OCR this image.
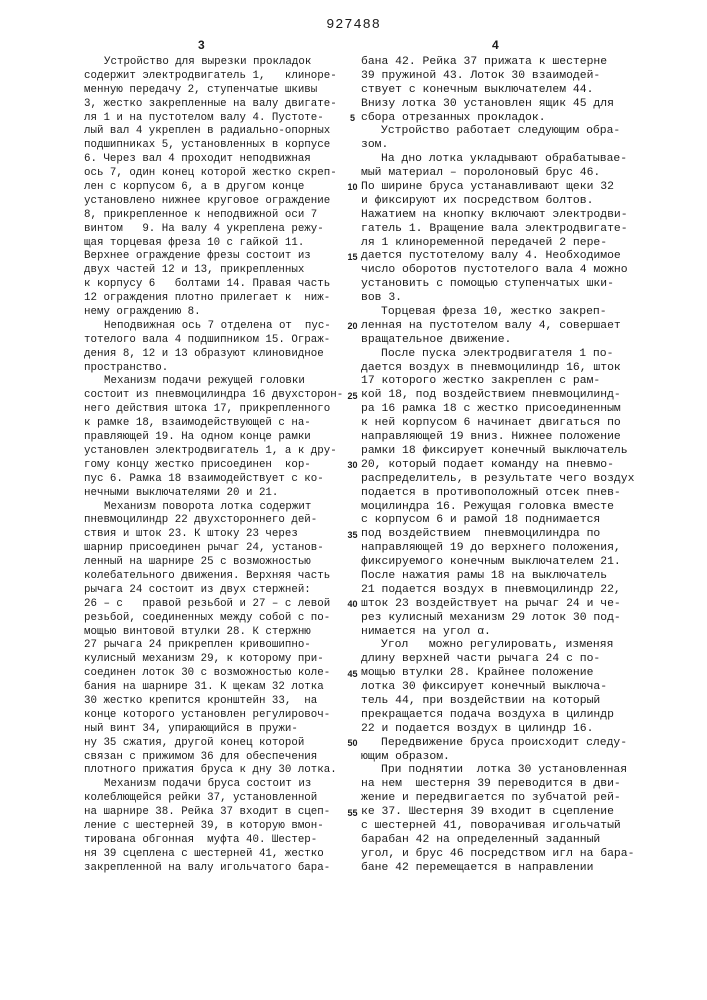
927488
3	4
Устройство для вырезки прокладок
содержит электродвигатель 1,   клиноре-
менную передачу 2, ступенчатые шкивы
3, жестко закрепленные на валу двигате-
ля 1 и на пустотелом валу 4. Пустоте-
лый вал 4 укреплен в радиально-опорных
подшипниках 5, установленных в корпусе
6. Через вал 4 проходит неподвижная
ось 7, один конец которой жестко скреп-
лен с корпусом 6, а в другом конце
установлено нижнее круговое ограждение
8, прикрепленное к неподвижной оси 7
винтом   9. На валу 4 укреплена режу-
щая торцевая фреза 10 с гайкой 11.
Верхнее ограждение фрезы состоит из
двух частей 12 и 13, прикрепленных
к корпусу 6   болтами 14. Правая часть
12 ограждения плотно прилегает к  ниж-
нему ограждению 8.
Неподвижная ось 7 отделена от  пус-
тотелого вала 4 подшипником 15. Ограж-
дения 8, 12 и 13 образуют клиновидное
пространство.
Механизм подачи режущей головки
состоит из пневмоцилиндра 16 двухсторон-
него действия штока 17, прикрепленного
к рамке 18, взаимодействующей с на-
правляющей 19. На одном конце рамки
установлен электродвигатель 1, а к дру-
гому концу жестко присоединен  кор-
пус 6. Рамка 18 взаимодействует с ко-
нечными выключателями 20 и 21.
Механизм поворота лотка содержит
пневмоцилиндр 22 двухстороннего дей-
ствия и шток 23. К штоку 23 через
шарнир присоединен рычаг 24, установ-
ленный на шарнире 25 с возможностью
колебательного движения. Верхняя часть
рычага 24 состоит из двух стержней:
26 – с   правой резьбой и 27 – с левой
резьбой, соединенных между собой с по-
мощью винтовой втулки 28. К стержню
27 рычага 24 прикреплен кривошипно-
кулисный механизм 29, к которому при-
соединен лоток 30 с возможностью коле-
бания на шарнире 31. К щекам 32 лотка
30 жестко крепится кронштейн 33,  на
конце которого установлен регулировоч-
ный винт 34, упирающийся в пружи-
ну 35 сжатия, другой конец которой
связан с прижимом 36 для обеспечения
плотного прижатия бруса к дну 30 лотка.
Механизм подачи бруса состоит из
колеблющейся рейки 37, установленной
на шарнире 38. Рейка 37 входит в сцеп-
ление с шестерней 39, в которую вмон-
тирована обгонная  муфта 40. Шестер-
ня 39 сцеплена с шестерней 41, жестко
закрепленной на валу игольчатого бара-
5
10
15
20
25
30
35
40
45
50
55
бана 42. Рейка 37 прижата к шестерне
39 пружиной 43. Лоток 30 взаимодей-
ствует с конечным выключателем 44.
Внизу лотка 30 установлен ящик 45 для
сбора отрезанных прокладок.
Устройство работает следующим обра-
зом.
На дно лотка укладывают обрабатывае-
мый материал – поролоновый брус 46.
По ширине бруса устанавливают щеки 32
и фиксируют их посредством болтов.
Нажатием на кнопку включают электродви-
гатель 1. Вращение вала электродвигате-
ля 1 клиноременной передачей 2 пере-
дается пустотелому валу 4. Необходимое
число оборотов пустотелого вала 4 можно
установить с помощью ступенчатых шки-
вов 3.
Торцевая фреза 10, жестко закреп-
ленная на пустотелом валу 4, совершает
вращательное движение.
После пуска электродвигателя 1 по-
дается воздух в пневмоцилиндр 16, шток
17 которого жестко закреплен с рам-
кой 18, под воздействием пневмоцилинд-
ра 16 рамка 18 с жестко присоединенным
к ней корпусом 6 начинает двигаться по
направляющей 19 вниз. Нижнее положение
рамки 18 фиксирует конечный выключатель
20, который подает команду на пневмо-
распределитель, в результате чего воздух
подается в противоположный отсек пнев-
моцилиндра 16. Режущая головка вместе
с корпусом 6 и рамой 18 поднимается
под воздействием  пневмоцилиндра по
направляющей 19 до верхнего положения,
фиксируемого конечным выключателем 21.
После нажатия рамы 18 на выключатель
21 подается воздух в пневмоцилиндр 22,
шток 23 воздействует на рычаг 24 и че-
рез кулисный механизм 29 лоток 30 под-
нимается на угол α.
Угол   можно регулировать, изменяя
длину верхней части рычага 24 с по-
мощью втулки 28. Крайнее положение
лотка 30 фиксирует конечный выключа-
тель 44, при воздействии на который
прекращается подача воздуха в цилиндр
22 и подается воздух в цилиндр 16.
Передвижение бруса происходит следу-
ющим образом.
При поднятии  лотка 30 установленная
на нем  шестерня 39 переводится в дви-
жение и передвигается по зубчатой рей-
ке 37. Шестерня 39 входит в сцепление
с шестерней 41, поворачивая игольчатый
барабан 42 на определенный заданный
угол, и брус 46 посредством игл на бара-
бане 42 перемещается в направлении
